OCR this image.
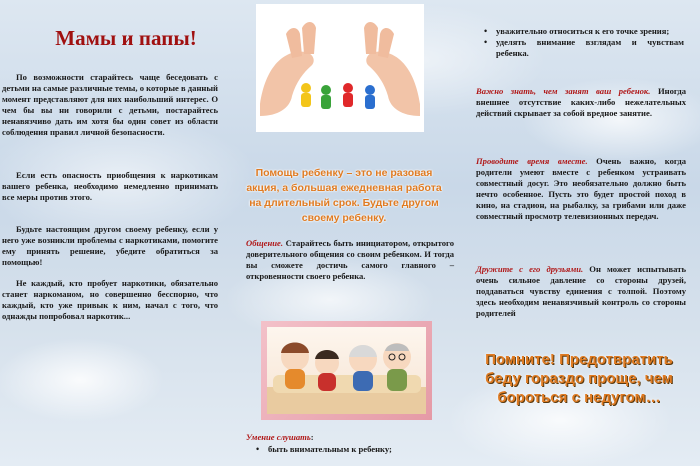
Мамы и папы!
По возможности старайтесь чаще беседовать с детьми на самые различные темы, о которые в данный момент представляют для них наибольший интерес. О чем бы вы ни говорили с детьми, постарайтесь ненавязчиво дать им хотя бы один совет из области соблюдения правил личной безопасности.
Если есть опасность приобщения к наркотикам вашего ребенка, необходимо немедленно принимать все меры против этого.
Будьте настоящим другом своему ребенку, если у него уже возникли проблемы с наркотиками, помогите ему принять решение, убедите обратиться за помощью!
Не каждый, кто пробует наркотики, обязательно станет наркоманом, но совершенно бесспорно, что каждый, кто уже привык к ним, начал с того, что однажды попробовал наркотик...
Помощь ребенку – это не разовая акция, а большая ежедневная работа на длительный срок. Будьте другом своему ребенку.
Общение. Старайтесь быть инициатором, открытого доверительного общения со своим ребенком. И тогда вы сможете достичь самого главного – откровенности своего ребенка.
Умение слушать:
• быть внимательным к ребенку;
• уважительно относиться к его точке зрения;
• уделять внимание взглядам и чувствам ребенка.
Важно знать, чем занят ваш ребенок. Иногда внешнее отсутствие каких-либо нежелательных действий скрывает за собой вредное занятие.
Проводите время вместе. Очень важно, когда родители умеют вместе с ребенком устраивать совместный досуг. Это необязательно должно быть нечто особенное. Пусть это будет простой поход в кино, на стадион, на рыбалку, за грибами или даже совместный просмотр телевизионных передач.
Дружите с его друзьями. Он может испытывать очень сильное давление со стороны друзей, поддаваться чувству единения с толпой. Поэтому здесь необходим ненавязчивый контроль со стороны родителей
Помните! Предотвратить беду гораздо проще, чем бороться с недугом…
